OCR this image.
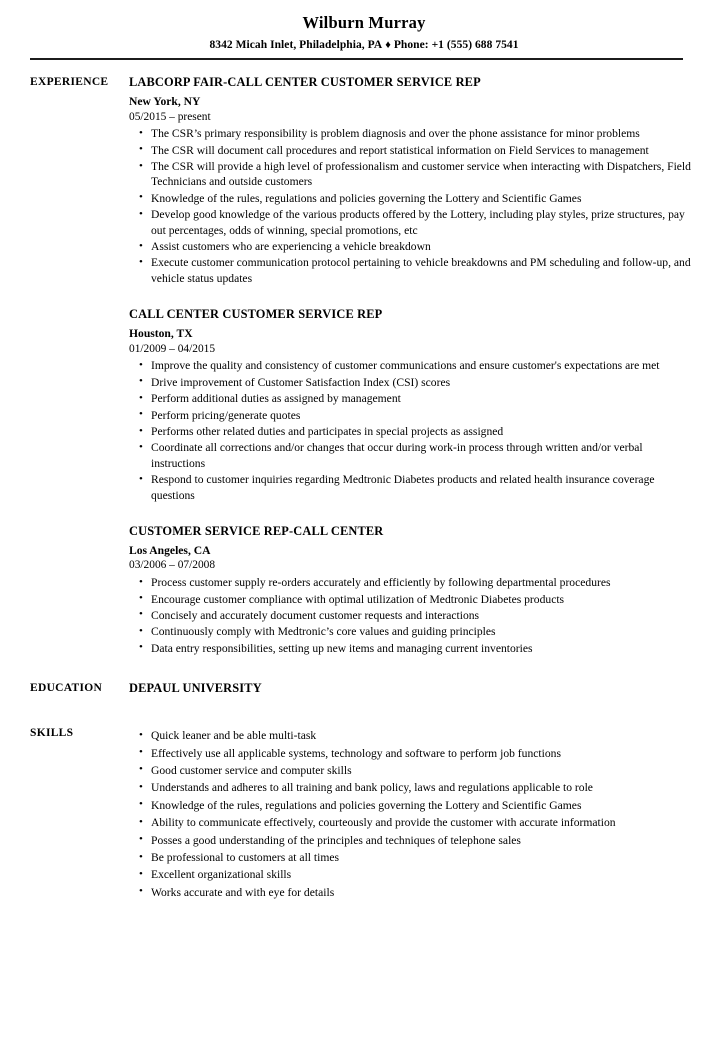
Wilburn Murray
8342 Micah Inlet, Philadelphia, PA ♦ Phone: +1 (555) 688 7541
EXPERIENCE	LABCORP FAIR-CALL CENTER CUSTOMER SERVICE REP
New York, NY
05/2015 – present
• The CSR’s primary responsibility is problem diagnosis and over the phone assistance for minor problems
• The CSR will document call procedures and report statistical information on Field Services to management
• The CSR will provide a high level of professionalism and customer service when interacting with Dispatchers, Field Technicians and outside customers
• Knowledge of the rules, regulations and policies governing the Lottery and Scientific Games
• Develop good knowledge of the various products offered by the Lottery, including play styles, prize structures, pay out percentages, odds of winning, special promotions, etc
• Assist customers who are experiencing a vehicle breakdown
• Execute customer communication protocol pertaining to vehicle breakdowns and PM scheduling and follow-up, and vehicle status updates
CALL CENTER CUSTOMER SERVICE REP
Houston, TX
01/2009 – 04/2015
• Improve the quality and consistency of customer communications and ensure customer's expectations are met
• Drive improvement of Customer Satisfaction Index (CSI) scores
• Perform additional duties as assigned by management
• Perform pricing/generate quotes
• Performs other related duties and participates in special projects as assigned
• Coordinate all corrections and/or changes that occur during work-in process through written and/or verbal instructions
• Respond to customer inquiries regarding Medtronic Diabetes products and related health insurance coverage questions
CUSTOMER SERVICE REP-CALL CENTER
Los Angeles, CA
03/2006 – 07/2008
• Process customer supply re-orders accurately and efficiently by following departmental procedures
• Encourage customer compliance with optimal utilization of Medtronic Diabetes products
• Concisely and accurately document customer requests and interactions
• Continuously comply with Medtronic’s core values and guiding principles
• Data entry responsibilities, setting up new items and managing current inventories
EDUCATION	DEPAUL UNIVERSITY
SKILLS	• Quick leaner and be able multi-task
• Effectively use all applicable systems, technology and software to perform job functions
• Good customer service and computer skills
• Understands and adheres to all training and bank policy, laws and regulations applicable to role
• Knowledge of the rules, regulations and policies governing the Lottery and Scientific Games
• Ability to communicate effectively, courteously and provide the customer with accurate information
• Posses a good understanding of the principles and techniques of telephone sales
• Be professional to customers at all times
• Excellent organizational skills
• Works accurate and with eye for details
